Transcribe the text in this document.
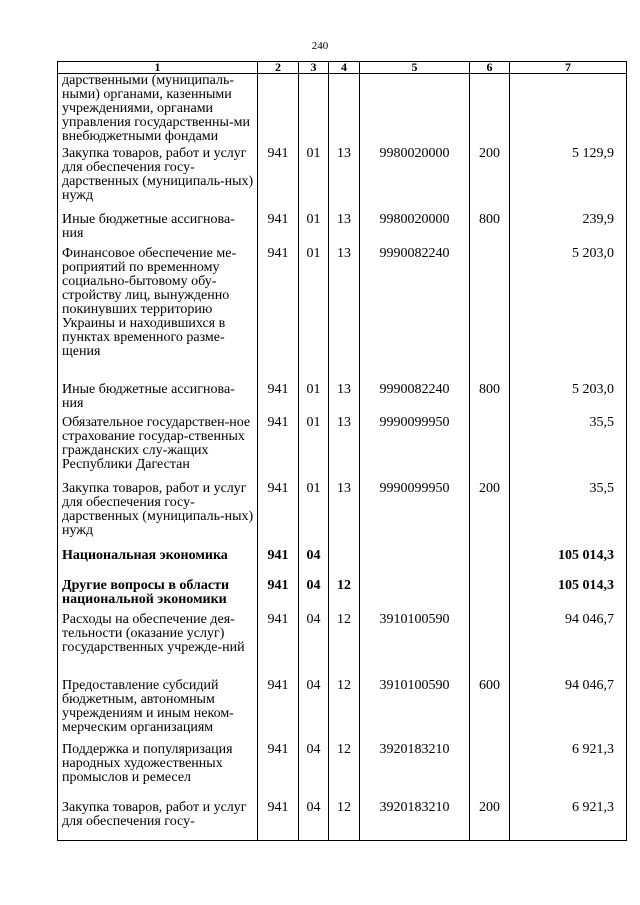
240
1	2	3	4	5	6	7
дарственными (муниципаль-ными) органами, казенными учреждениями, органами управления государственны-ми внебюджетными фондами						
Закупка товаров, работ и услуг для обеспечения госу-дарственных (муниципаль-ных) нужд	941	01	13	9980020000	200	5 129,9
Иные бюджетные ассигнова-ния	941	01	13	9980020000	800	239,9
Финансовое обеспечение ме-роприятий по временному социально-бытовому обу-стройству лиц, вынужденно покинувших территорию Украины и находившихся в пунктах временного разме-щения	941	01	13	9990082240		5 203,0
Иные бюджетные ассигнова-ния	941	01	13	9990082240	800	5 203,0
Обязательное государствен-ное страхование государ-ственных гражданских слу-жащих Республики Дагестан	941	01	13	9990099950		35,5
Закупка товаров, работ и услуг для обеспечения госу-дарственных (муниципаль-ных) нужд	941	01	13	9990099950	200	35,5
Национальная экономика	941	04				105 014,3
Другие вопросы в области национальной экономики	941	04	12			105 014,3
Расходы на обеспечение дея-тельности (оказание услуг) государственных учрежде-ний	941	04	12	3910100590		94 046,7
Предоставление субсидий бюджетным, автономным учреждениям и иным неком-мерческим организациям	941	04	12	3910100590	600	94 046,7
Поддержка и популяризация народных художественных промыслов и ремесел	941	04	12	3920183210		6 921,3
Закупка товаров, работ и услуг для обеспечения госу-	941	04	12	3920183210	200	6 921,3
